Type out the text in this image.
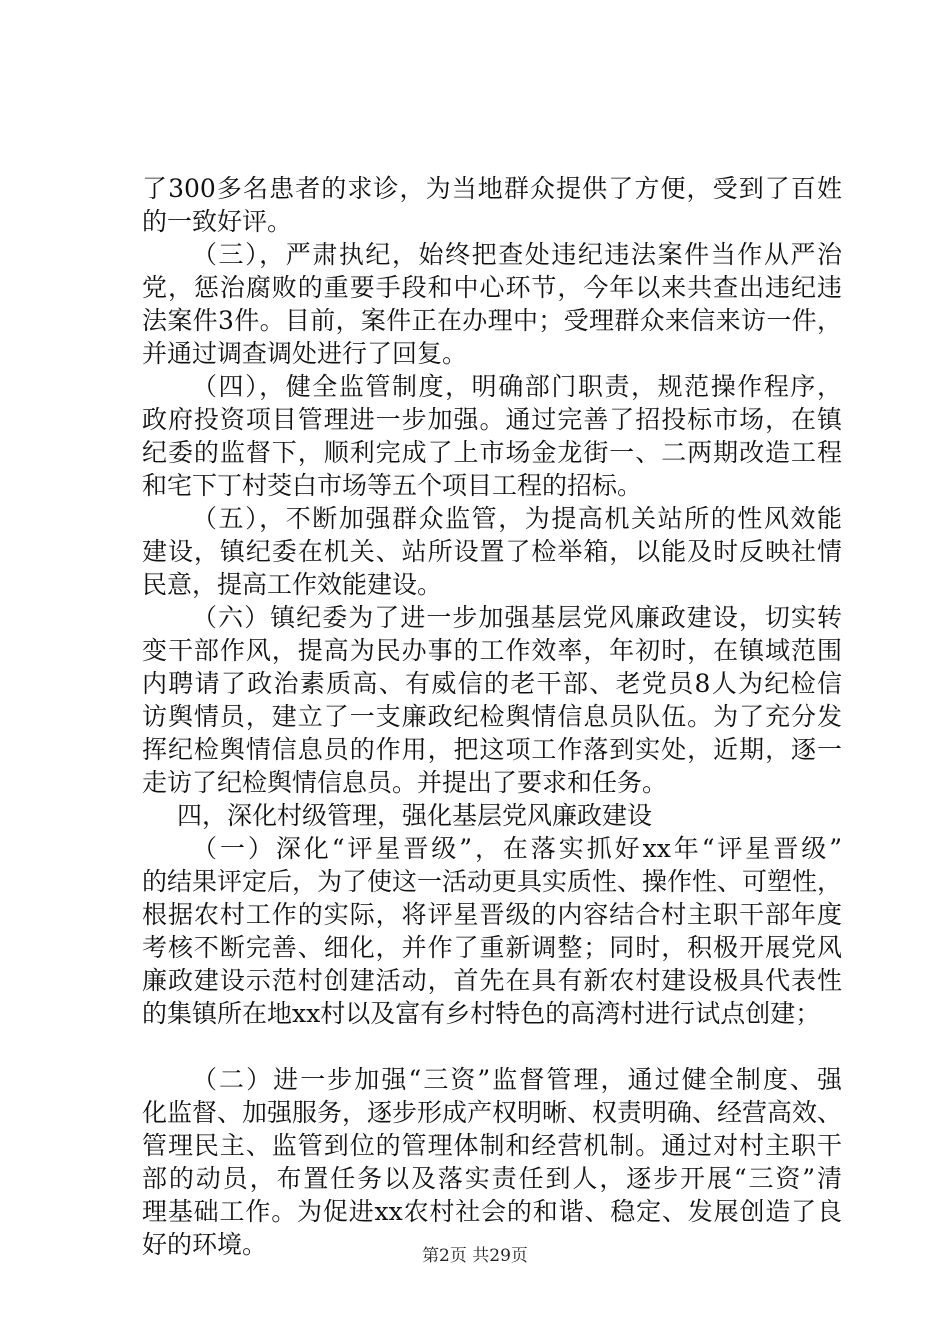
了300多名患者的求诊，为当地群众提供了方便，受到了百姓
的一致好评。
（三），严肃执纪，始终把查处违纪违法案件当作从严治
党，惩治腐败的重要手段和中心环节，今年以来共查出违纪违
法案件3件。目前，案件正在办理中；受理群众来信来访一件，
并通过调查调处进行了回复。
（四），健全监管制度，明确部门职责，规范操作程序，
政府投资项目管理进一步加强。通过完善了招投标市场，在镇
纪委的监督下，顺利完成了上市场金龙街一、二两期改造工程
和宅下丁村茭白市场等五个项目工程的招标。
（五），不断加强群众监管，为提高机关站所的性风效能
建设，镇纪委在机关、站所设置了检举箱，以能及时反映社情
民意，提高工作效能建设。
（六）镇纪委为了进一步加强基层党风廉政建设，切实转
变干部作风，提高为民办事的工作效率，年初时，在镇域范围
内聘请了政治素质高、有威信的老干部、老党员8人为纪检信
访舆情员，建立了一支廉政纪检舆情信息员队伍。为了充分发
挥纪检舆情信息员的作用，把这项工作落到实处，近期，逐一
走访了纪检舆情信息员。并提出了要求和任务。
四，深化村级管理，强化基层党风廉政建设
（一）深化“评星晋级”，在落实抓好xx年“评星晋级”
的结果评定后，为了使这一活动更具实质性、操作性、可塑性，
根据农村工作的实际，将评星晋级的内容结合村主职干部年度
考核不断完善、细化，并作了重新调整；同时，积极开展党风
廉政建设示范村创建活动，首先在具有新农村建设极具代表性
的集镇所在地xx村以及富有乡村特色的高湾村进行试点创建；
（二）进一步加强“三资”监督管理，通过健全制度、强
化监督、加强服务，逐步形成产权明晰、权责明确、经营高效、
管理民主、监管到位的管理体制和经营机制。通过对村主职干
部的动员，布置任务以及落实责任到人，逐步开展“三资”清
理基础工作。为促进xx农村社会的和谐、稳定、发展创造了良
好的环境。	第2页 共29页
